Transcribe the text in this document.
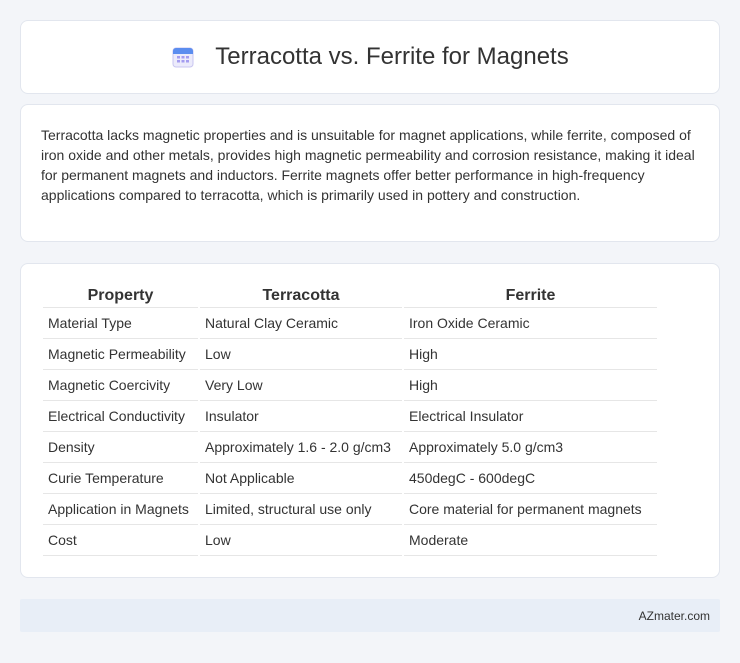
Terracotta vs. Ferrite for Magnets

Terracotta lacks magnetic properties and is unsuitable for magnet applications, while ferrite, composed of iron oxide and other metals, provides high magnetic permeability and corrosion resistance, making it ideal for permanent magnets and inductors. Ferrite magnets offer better performance in high-frequency applications compared to terracotta, which is primarily used in pottery and construction.

Property	Terracotta	Ferrite
Material Type	Natural Clay Ceramic	Iron Oxide Ceramic
Magnetic Permeability	Low	High
Magnetic Coercivity	Very Low	High
Electrical Conductivity	Insulator	Electrical Insulator
Density	Approximately 1.6 - 2.0 g/cm3	Approximately 5.0 g/cm3
Curie Temperature	Not Applicable	450degC - 600degC
Application in Magnets	Limited, structural use only	Core material for permanent magnets
Cost	Low	Moderate
AZmater.com
